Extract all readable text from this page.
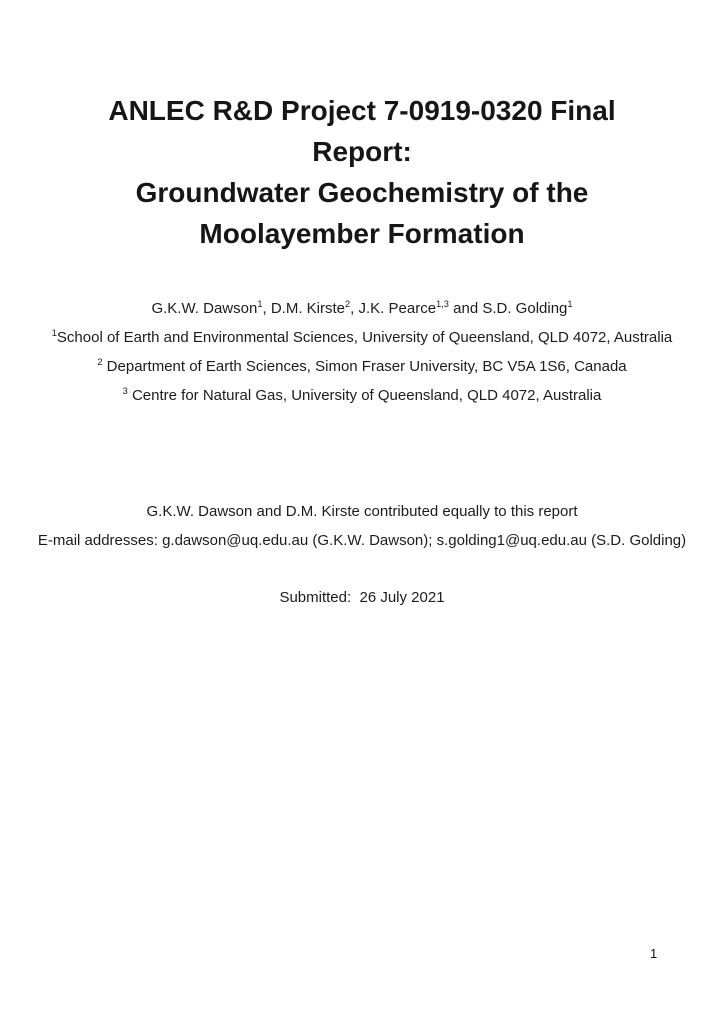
ANLEC R&D Project 7-0919-0320 Final
Report:
Groundwater Geochemistry of the
Moolayember Formation
G.K.W. Dawson$^1$, D.M. Kirste$^2$, J.K. Pearce$^{1,3}$ and S.D. Golding$^1$
$^1$School of Earth and Environmental Sciences, University of Queensland, QLD 4072, Australia
$^2$ Department of Earth Sciences, Simon Fraser University, BC V5A 1S6, Canada
$^3$ Centre for Natural Gas, University of Queensland, QLD 4072, Australia
G.K.W. Dawson and D.M. Kirste contributed equally to this report
E-mail addresses: g.dawson@uq.edu.au (G.K.W. Dawson); s.golding1@uq.edu.au (S.D. Golding)
Submitted:  26 July 2021
1
